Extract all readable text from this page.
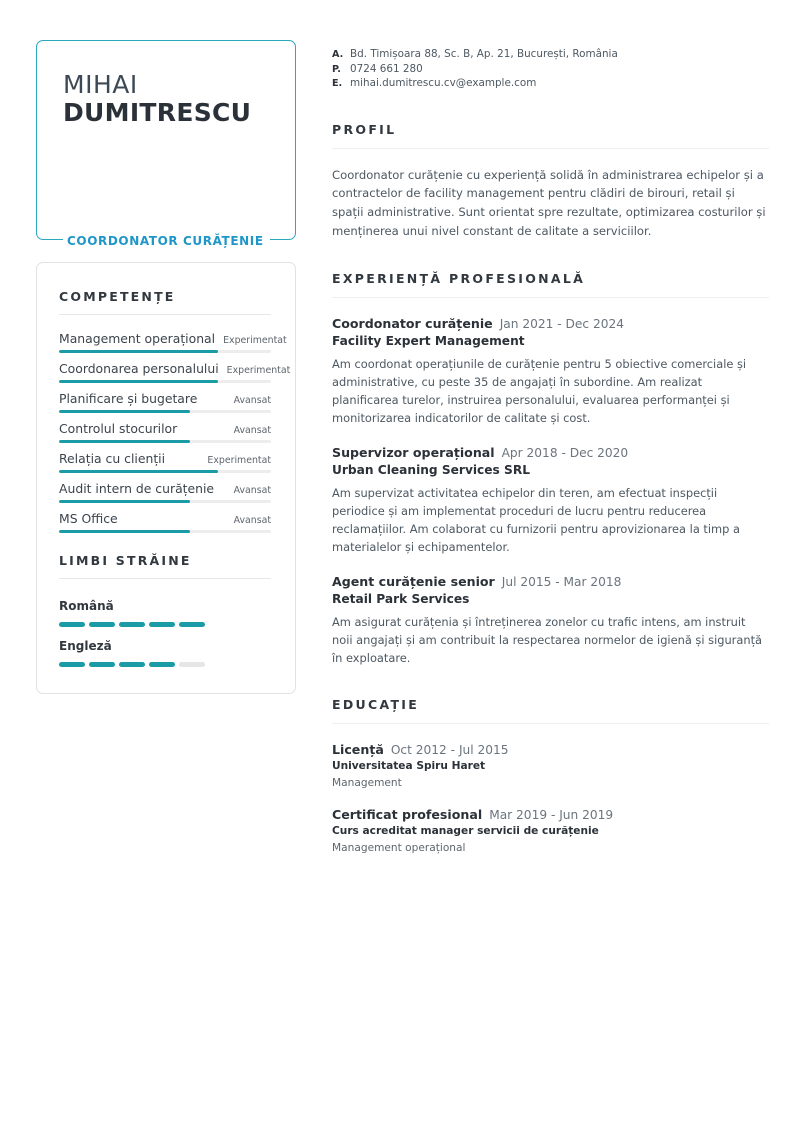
MIHAI
DUMITRESCU
COORDONATOR CURĂȚENIE
COMPETENȚE
Management operațional Experimentat
Coordonarea personalului Experimentat
Planificare și bugetare	Avansat
Controlul stocurilor	Avansat
Relația cu clienții	Experimentat
Audit intern de curățenie Avansat
MS Office	Avansat
LIMBI STRĂINE
Română
Engleză
A. Bd. Timișoara 88, Sc. B, Ap. 21, București, România
P. 0724 661 280
E. mihai.dumitrescu.cv@example.com
PROFIL
Coordonator curățenie cu experiență solidă în administrarea echipelor și a contractelor de facility management pentru clădiri de birouri, retail și spații administrative. Sunt orientat spre rezultate, optimizarea costurilor și menținerea unui nivel constant de calitate a serviciilor.
EXPERIENȚĂ PROFESIONALĂ
Coordonator curățenie Jan 2021 - Dec 2024
Facility Expert Management
Am coordonat operațiunile de curățenie pentru 5 obiective comerciale și administrative, cu peste 35 de angajați în subordine. Am realizat planificarea turelor, instruirea personalului, evaluarea performanței și monitorizarea indicatorilor de calitate și cost.
Supervizor operațional Apr 2018 - Dec 2020
Urban Cleaning Services SRL
Am supervizat activitatea echipelor din teren, am efectuat inspecții periodice și am implementat proceduri de lucru pentru reducerea reclamațiilor. Am colaborat cu furnizorii pentru aprovizionarea la timp a materialelor și echipamentelor.
Agent curățenie senior Jul 2015 - Mar 2018
Retail Park Services
Am asigurat curățenia și întreținerea zonelor cu trafic intens, am instruit noii angajați și am contribuit la respectarea normelor de igienă și siguranță în exploatare.
EDUCAȚIE
Licență Oct 2012 - Jul 2015
Universitatea Spiru Haret
Management
Certificat profesional Mar 2019 - Jun 2019
Curs acreditat manager servicii de curățenie
Management operațional
